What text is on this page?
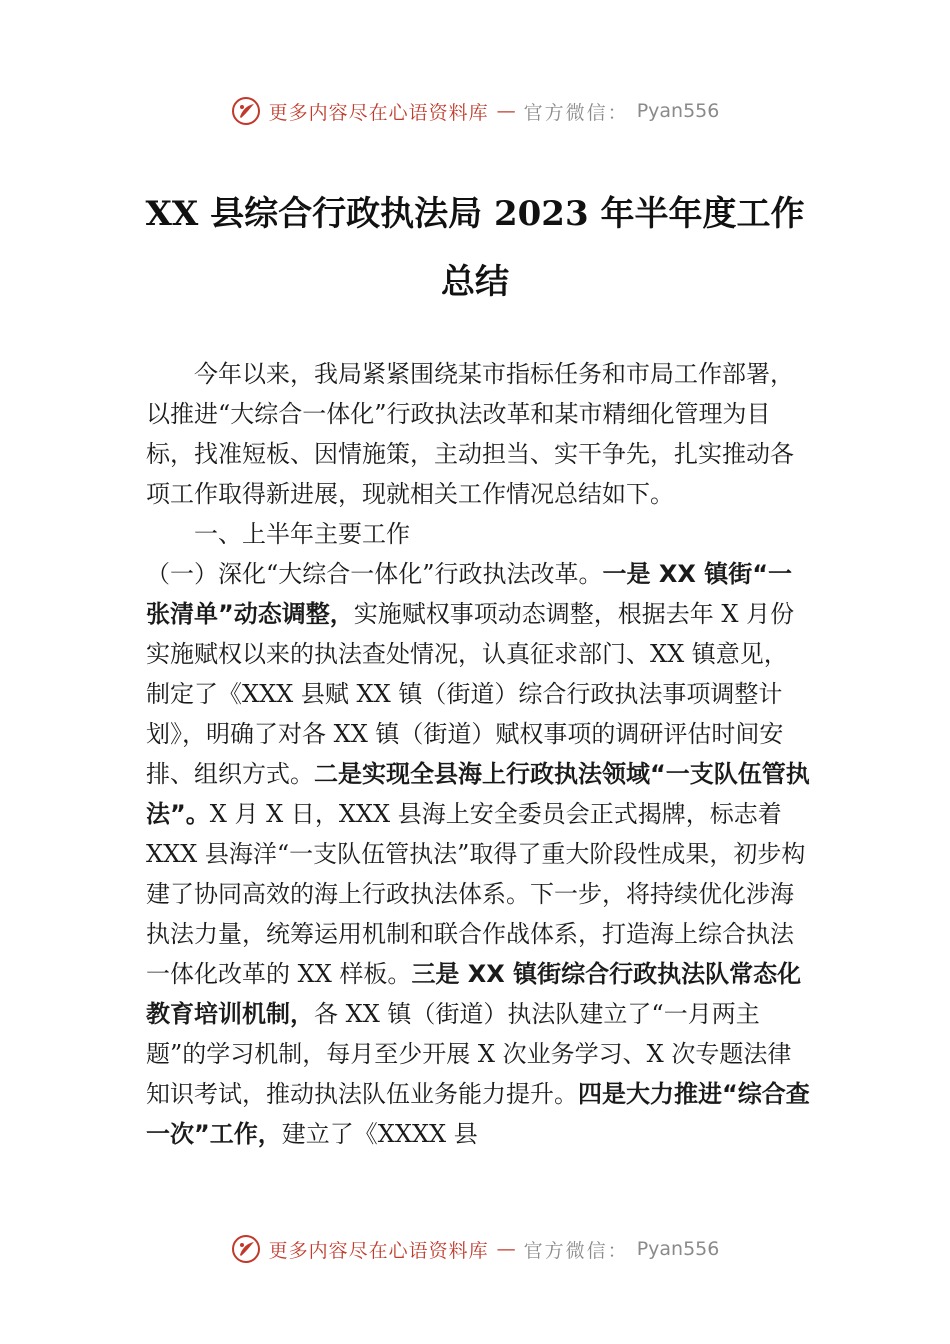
更多内容尽在心语资料库 — 官方微信： Pyan556
XX 县综合行政执法局 2023 年半年度工作
总结

今年以来，我局紧紧围绕某市指标任务和市局工作部署，以推进“大综合一体化”行政执法改革和某市精细化管理为目标，找准短板、因情施策，主动担当、实干争先，扎实推动各项工作取得新进展，现就相关工作情况总结如下。

一、上半年主要工作

（一）深化“大综合一体化”行政执法改革。一是 XX 镇街“一张清单”动态调整，实施赋权事项动态调整，根据去年 X 月份实施赋权以来的执法查处情况，认真征求部门、XX 镇意见，制定了《XXX 县赋 XX 镇（街道）综合行政执法事项调整计划》，明确了对各 XX 镇（街道）赋权事项的调研评估时间安排、组织方式。二是实现全县海上行政执法领域“一支队伍管执法”。X 月 X 日，XXX 县海上安全委员会正式揭牌，标志着 XXX 县海洋“一支队伍管执法”取得了重大阶段性成果，初步构建了协同高效的海上行政执法体系。下一步，将持续优化涉海执法力量，统筹运用机制和联合作战体系，打造海上综合执法一体化改革的 XX 样板。三是 XX 镇街综合行政执法队常态化教育培训机制，各 XX 镇（街道）执法队建立了“一月两主题”的学习机制，每月至少开展 X 次业务学习、X 次专题法律知识考试，推动执法队伍业务能力提升。四是大力推进“综合查一次”工作，建立了《XXXX 县

更多内容尽在心语资料库 — 官方微信： Pyan556
